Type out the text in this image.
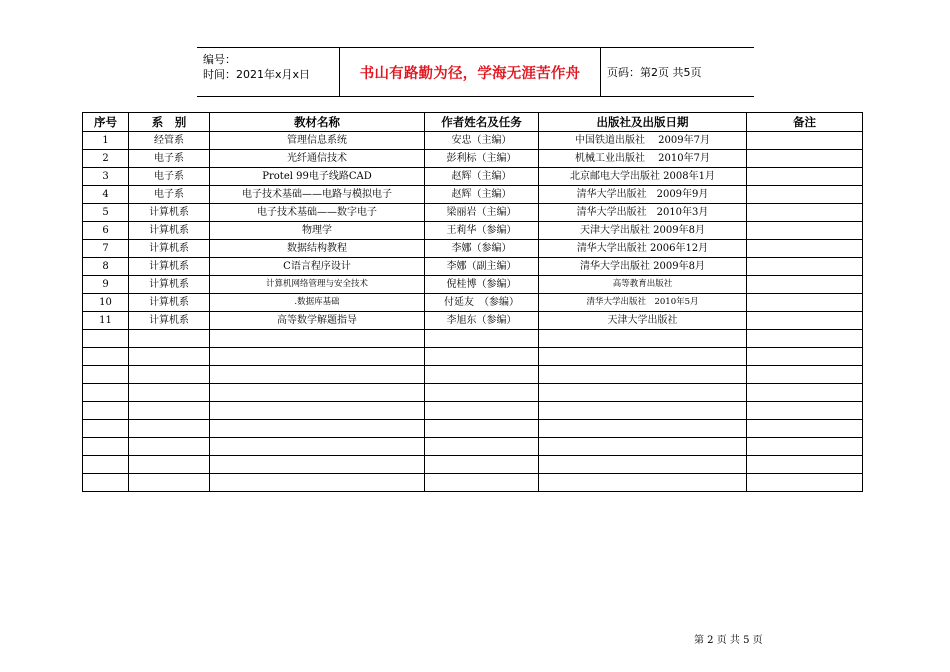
编号：
时间：2021年x月x日	书山有路勤为径，学海无涯苦作舟	页码：第2页 共5页
序号	系　别	教材名称	作者姓名及任务	出版社及出版日期	备注
1	经管系	管理信息系统	安忠（主编）	中国铁道出版社　 2009年7月	
2	电子系	光纤通信技术	彭利标（主编）	机械工业出版社　 2010年7月	
3	电子系	Protel 99电子线路CAD	赵辉（主编）	北京邮电大学出版社 2008年1月	
4	电子系	电子技术基础——电路与模拟电子	赵辉（主编）	清华大学出版社　2009年9月	
5	计算机系	电子技术基础——数字电子	梁丽岩（主编）	清华大学出版社　2010年3月	
6	计算机系	物理学	王莉华（参编）	天津大学出版社 2009年8月	
7	计算机系	数据结构教程	李娜（参编）	清华大学出版社 2006年12月	
8	计算机系	C语言程序设计	李娜（副主编）	清华大学出版社 2009年8月	
9	计算机系	计算机网络管理与安全技术	倪桂博（参编）	高等教育出版社	
10	计算机系	.数据库基础	付延友　（参编）	清华大学出版社　2010年5月	
11	计算机系	高等数学解题指导	李旭东（参编）	天津大学出版社	

第 2 页 共 5 页
